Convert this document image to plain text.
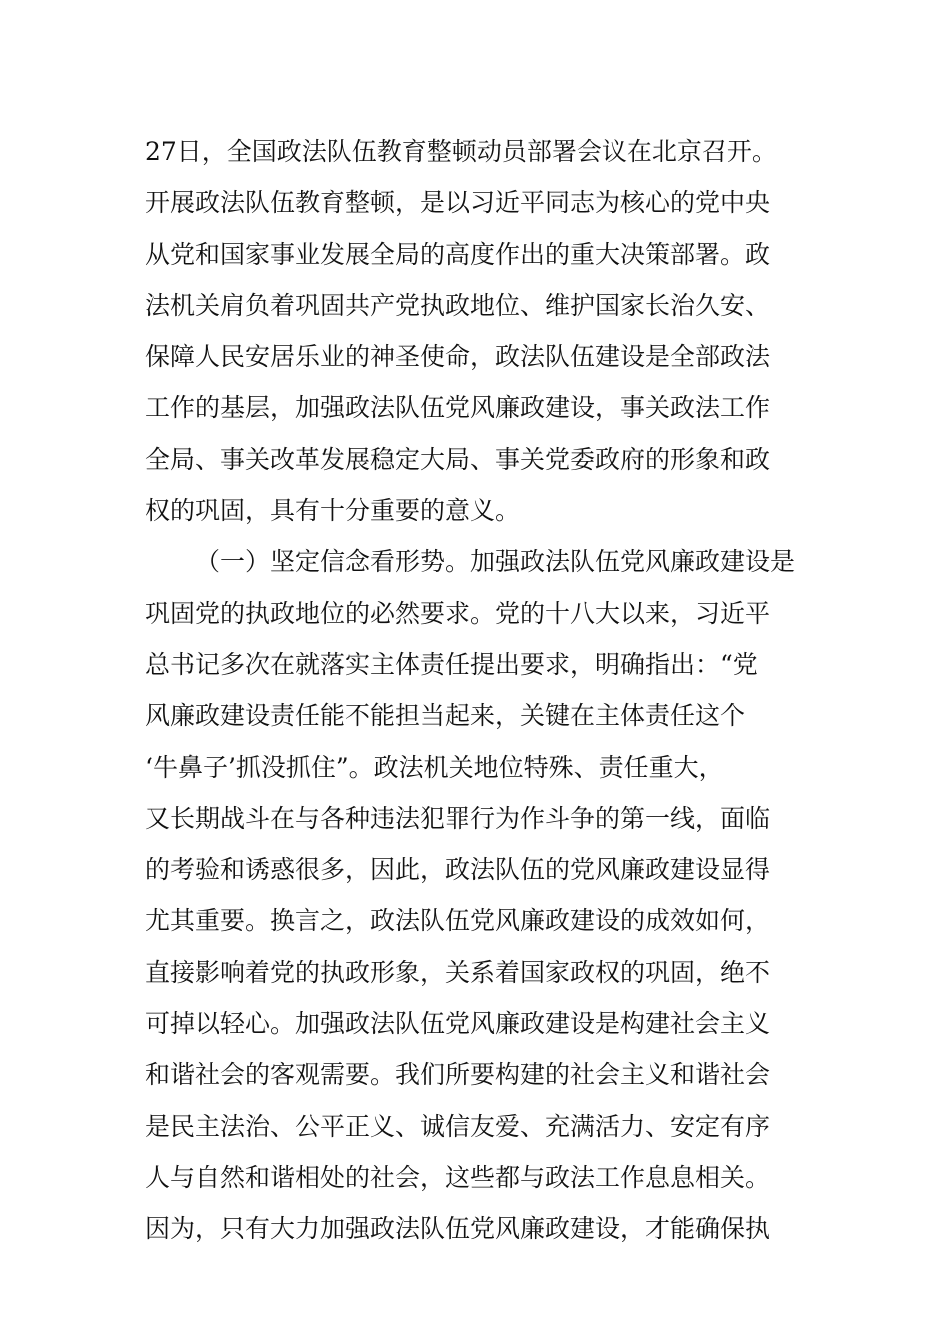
27日，全国政法队伍教育整顿动员部署会议在北京召开。
开展政法队伍教育整顿，是以习近平同志为核心的党中央
从党和国家事业发展全局的高度作出的重大决策部署。政
法机关肩负着巩固共产党执政地位、维护国家长治久安、
保障人民安居乐业的神圣使命，政法队伍建设是全部政法
工作的基层，加强政法队伍党风廉政建设，事关政法工作
全局、事关改革发展稳定大局、事关党委政府的形象和政
权的巩固，具有十分重要的意义。
（一）坚定信念看形势。加强政法队伍党风廉政建设是
巩固党的执政地位的必然要求。党的十八大以来，习近平
总书记多次在就落实主体责任提出要求，明确指出：“党
风廉政建设责任能不能担当起来，关键在主体责任这个
‘牛鼻子’抓没抓住”。政法机关地位特殊、责任重大，
又长期战斗在与各种违法犯罪行为作斗争的第一线，面临
的考验和诱惑很多，因此，政法队伍的党风廉政建设显得
尤其重要。换言之，政法队伍党风廉政建设的成效如何，
直接影响着党的执政形象，关系着国家政权的巩固，绝不
可掉以轻心。加强政法队伍党风廉政建设是构建社会主义
和谐社会的客观需要。我们所要构建的社会主义和谐社会
是民主法治、公平正义、诚信友爱、充满活力、安定有序
人与自然和谐相处的社会，这些都与政法工作息息相关。
因为，只有大力加强政法队伍党风廉政建设，才能确保执
